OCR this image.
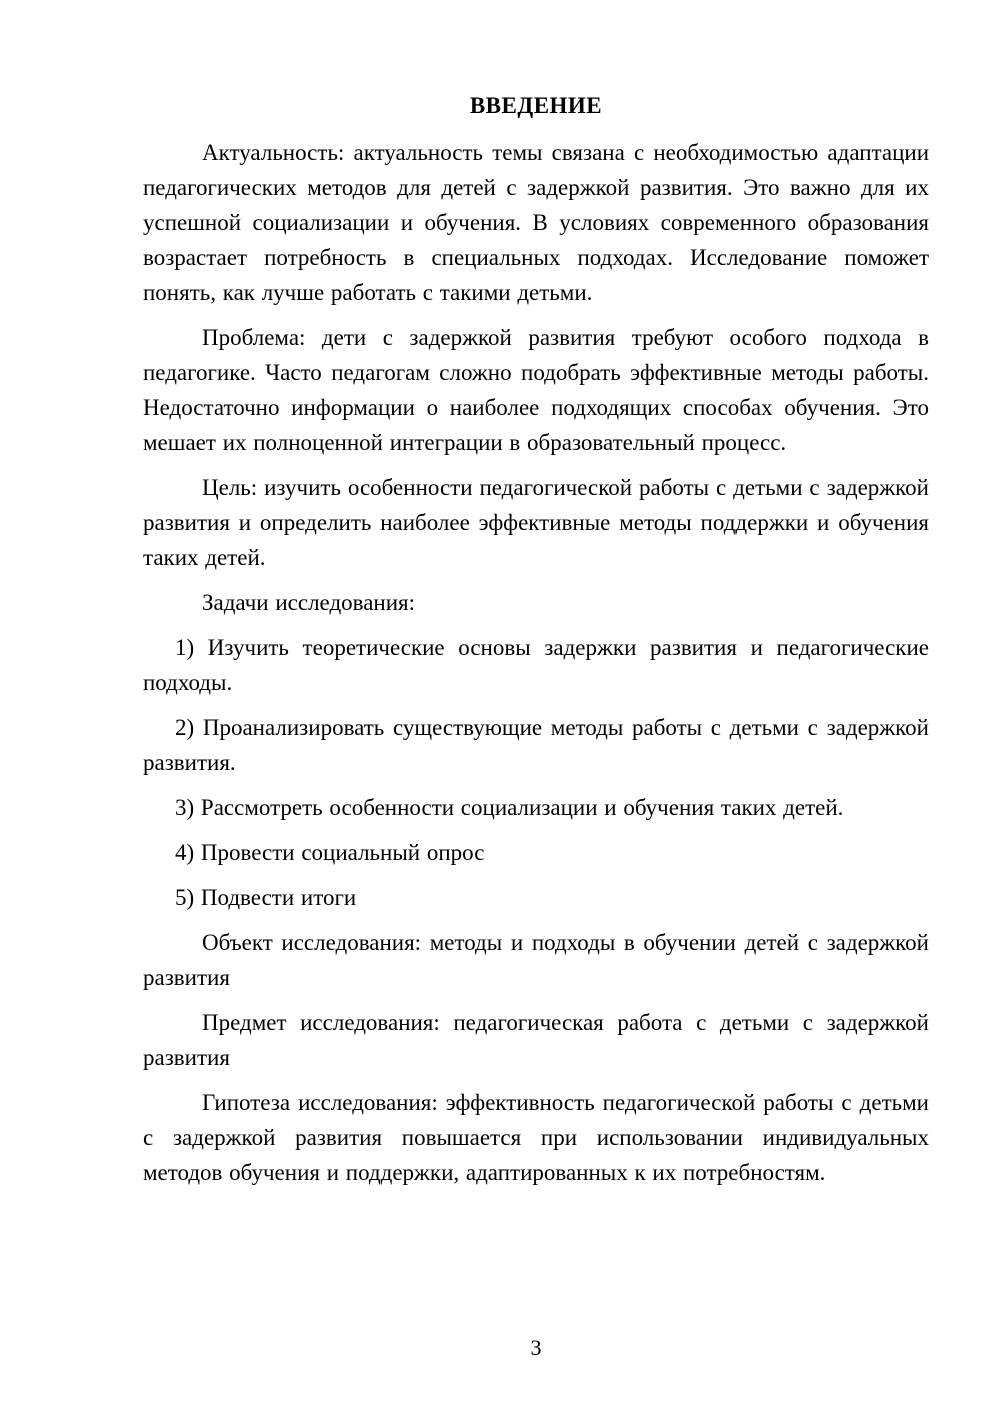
ВВЕДЕНИЕ

Актуальность: актуальность темы связана с необходимостью адаптации педагогических методов для детей с задержкой развития. Это важно для их успешной социализации и обучения. В условиях современного образования возрастает потребность в специальных подходах. Исследование поможет понять, как лучше работать с такими детьми.

Проблема: дети с задержкой развития требуют особого подхода в педагогике. Часто педагогам сложно подобрать эффективные методы работы. Недостаточно информации о наиболее подходящих способах обучения. Это мешает их полноценной интеграции в образовательный процесс.

Цель: изучить особенности педагогической работы с детьми с задержкой развития и определить наиболее эффективные методы поддержки и обучения таких детей.

Задачи исследования:

1) Изучить теоретические основы задержки развития и педагогические подходы.

2) Проанализировать существующие методы работы с детьми с задержкой развития.

3) Рассмотреть особенности социализации и обучения таких детей.

4) Провести социальный опрос

5) Подвести итоги

Объект исследования: методы и подходы в обучении детей с задержкой развития

Предмет исследования: педагогическая работа с детьми с задержкой развития

Гипотеза исследования: эффективность педагогической работы с детьми с задержкой развития повышается при использовании индивидуальных методов обучения и поддержки, адаптированных к их потребностям.

3
